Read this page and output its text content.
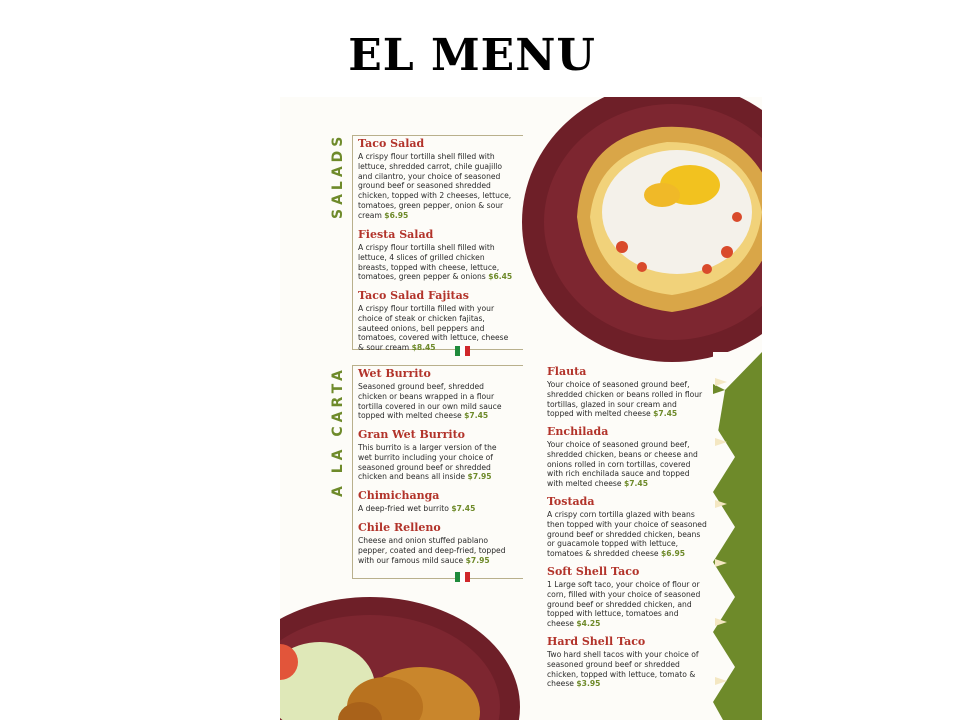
EL MENU
SALADS
A LA CARTA

Taco Salad

A crispy flour tortilla shell filled with lettuce, shredded carrot, chile guajillo and cilantro, your choice of seasoned ground beef or seasoned shredded chicken, topped with 2 cheeses, lettuce, tomatoes, green pepper, onion & sour cream $6.95

Fiesta Salad

A crispy flour tortilla shell filled with lettuce, 4 slices of grilled chicken breasts, topped with cheese, lettuce, tomatoes, green pepper & onions $6.45

Taco Salad Fajitas

A crispy flour tortilla filled with your choice of steak or chicken fajitas, sauteed onions, bell peppers and tomatoes, covered with lettuce, cheese & sour cream $8.45

Wet Burrito

Seasoned ground beef, shredded chicken or beans wrapped in a flour tortilla covered in our own mild sauce topped with melted cheese $7.45

Gran Wet Burrito

This burrito is a larger version of the wet burrito including your choice of seasoned ground beef or shredded chicken and beans all inside $7.95

Chimichanga

A deep-fried wet burrito $7.45

Chile Relleno

Cheese and onion stuffed pablano pepper, coated and deep-fried, topped with our famous mild sauce $7.95

Flauta

Your choice of seasoned ground beef, shredded chicken or beans rolled in flour tortillas, glazed in sour cream and topped with melted cheese $7.45

Enchilada

Your choice of seasoned ground beef, shredded chicken, beans or cheese and onions rolled in corn tortillas, covered with rich enchilada sauce and topped with melted cheese $7.45

Tostada

A crispy corn tortilla glazed with beans then topped with your choice of seasoned ground beef or shredded chicken, beans or guacamole topped with lettuce, tomatoes & shredded cheese $6.95

Soft Shell Taco

1 Large soft taco, your choice of flour or corn, filled with your choice of seasoned ground beef or shredded chicken, and topped with lettuce, tomatoes and cheese $4.25

Hard Shell Taco

Two hard shell tacos with your choice of seasoned ground beef or shredded chicken, topped with lettuce, tomato & cheese $3.95
